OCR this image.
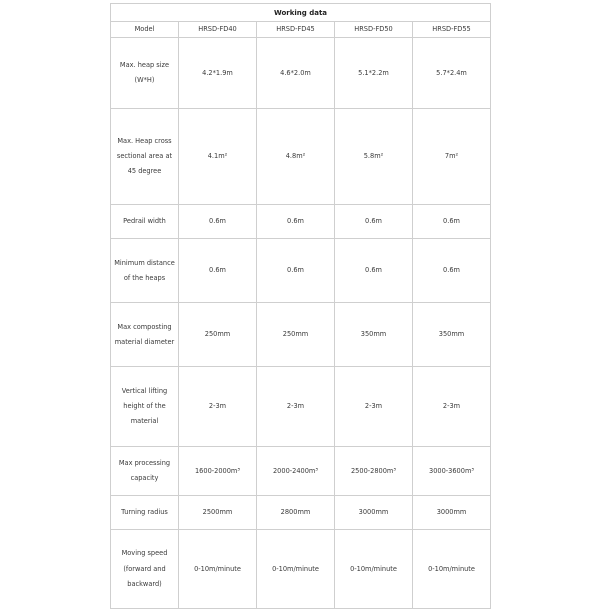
Working data				
Model	HRSD-FD40	HRSD-FD45	HRSD-FD50	HRSD-FD55
Max. heap size (W*H)	4.2*1.9m	4.6*2.0m	5.1*2.2m	5.7*2.4m
Max. Heap cross sectional area at 45 degree	4.1m²	4.8m²	5.8m²	7m²
Pedrail width	0.6m	0.6m	0.6m	0.6m
Minimum distance of the heaps	0.6m	0.6m	0.6m	0.6m
Max composting material diameter	250mm	250mm	350mm	350mm
Vertical lifting height of the material	2-3m	2-3m	2-3m	2-3m
Max processing capacity	1600-2000m³	2000-2400m³	2500-2800m³	3000-3600m³
Turning radius	2500mm	2800mm	3000mm	3000mm
Moving speed (forward and backward)	0-10m/minute	0-10m/minute	0-10m/minute	0-10m/minute
